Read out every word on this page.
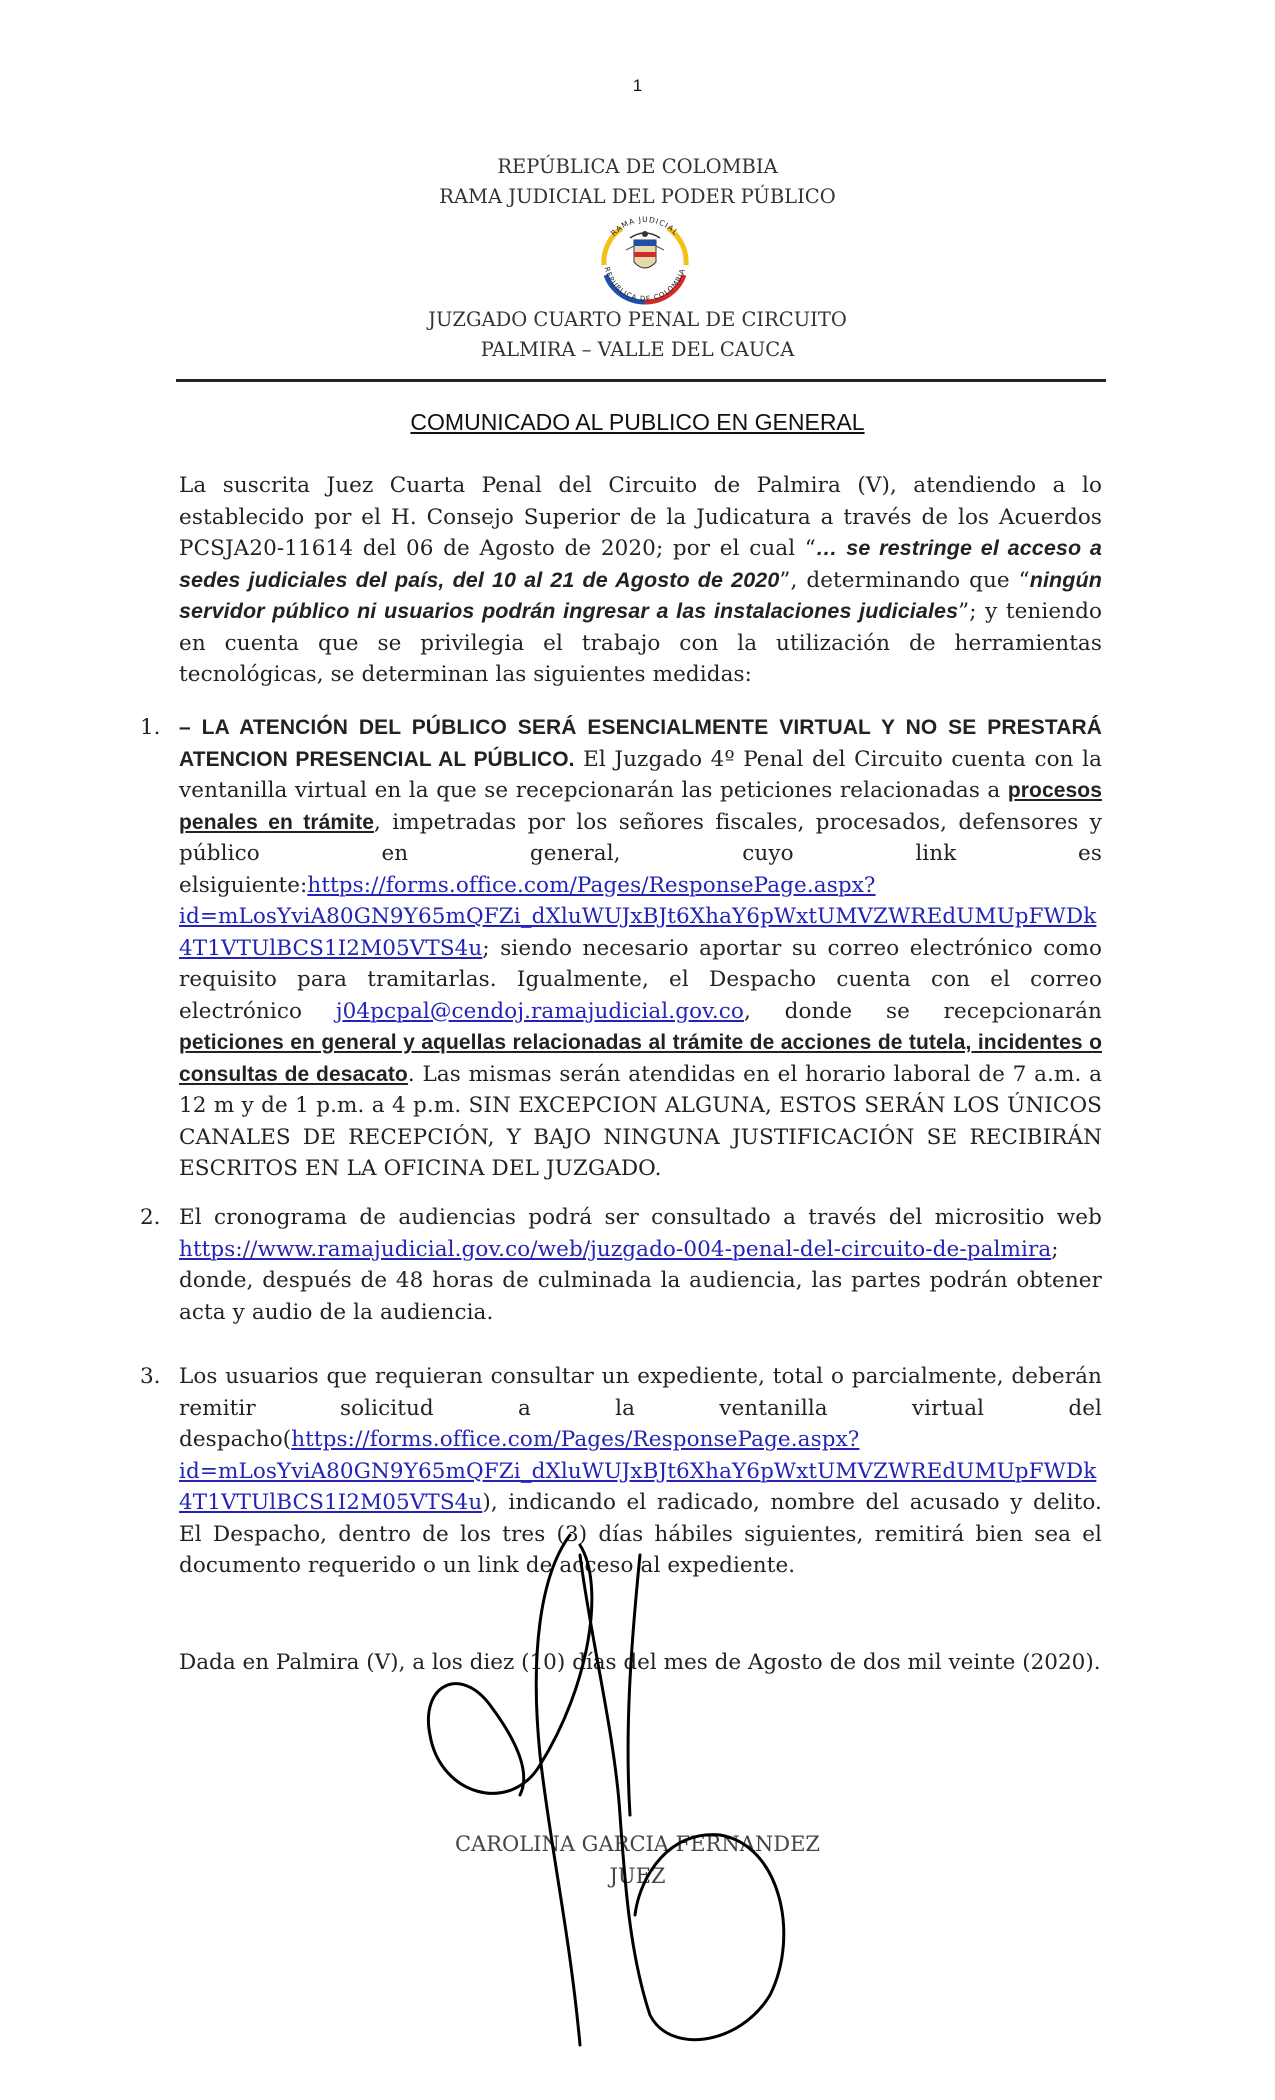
1
REPÚBLICA DE COLOMBIA
RAMA JUDICIAL DEL PODER PÚBLICO
RAMA JUDICIAL
REPUBLICA DE COLOMBIA
JUZGADO CUARTO PENAL DE CIRCUITO
PALMIRA – VALLE DEL CAUCA
COMUNICADO AL PUBLICO EN GENERAL
La suscrita Juez Cuarta Penal del Circuito de Palmira (V), atendiendo a lo establecido por el H. Consejo Superior de la Judicatura a través de los Acuerdos PCSJA20-11614 del 06 de Agosto de 2020; por el cual “… se restringe el acceso a sedes judiciales del país, del 10 al 21 de Agosto de 2020”, determinando que “ningún servidor público ni usuarios podrán ingresar a las instalaciones judiciales”; y teniendo en cuenta que se privilegia el trabajo con la utilización de herramientas tecnológicas, se determinan las siguientes medidas:
1. – LA ATENCIÓN DEL PÚBLICO SERÁ ESENCIALMENTE VIRTUAL Y NO SE PRESTARÁ ATENCION PRESENCIAL AL PÚBLICO. El Juzgado 4º Penal del Circuito cuenta con la ventanilla virtual en la que se recepcionarán las peticiones relacionadas a procesos penales en trámite, impetradas por los señores fiscales, procesados, defensores y público en general, cuyo link es elsiguiente:https://forms.office.com/Pages/ResponsePage.aspx?id=mLosYviA80GN9Y65mQFZi_dXluWUJxBJt6XhaY6pWxtUMVZWREdUMUpFWDk4T1VTUlBCS1I2M05VTS4u; siendo necesario aportar su correo electrónico como requisito para tramitarlas. Igualmente, el Despacho cuenta con el correo electrónico j04pcpal@cendoj.ramajudicial.gov.co, donde se recepcionarán peticiones en general y aquellas relacionadas al trámite de acciones de tutela, incidentes o consultas de desacato. Las mismas serán atendidas en el horario laboral de 7 a.m. a 12 m y de 1 p.m. a 4 p.m. SIN EXCEPCION ALGUNA, ESTOS SERÁN LOS ÚNICOS CANALES DE RECEPCIÓN, Y BAJO NINGUNA JUSTIFICACIÓN SE RECIBIRÁN ESCRITOS EN LA OFICINA DEL JUZGADO.
2. El cronograma de audiencias podrá ser consultado a través del micrositio web https://www.ramajudicial.gov.co/web/juzgado-004-penal-del-circuito-de-palmira; donde, después de 48 horas de culminada la audiencia, las partes podrán obtener acta y audio de la audiencia.
3. Los usuarios que requieran consultar un expediente, total o parcialmente, deberán remitir solicitud a la ventanilla virtual del despacho(https://forms.office.com/Pages/ResponsePage.aspx?id=mLosYviA80GN9Y65mQFZi_dXluWUJxBJt6XhaY6pWxtUMVZWREdUMUpFWDk4T1VTUlBCS1I2M05VTS4u), indicando el radicado, nombre del acusado y delito. El Despacho, dentro de los tres (3) días hábiles siguientes, remitirá bien sea el documento requerido o un link de acceso al expediente.
Dada en Palmira (V), a los diez (10) días del mes de Agosto de dos mil veinte (2020).
CAROLINA GARCIA FERNANDEZ
JUEZ
